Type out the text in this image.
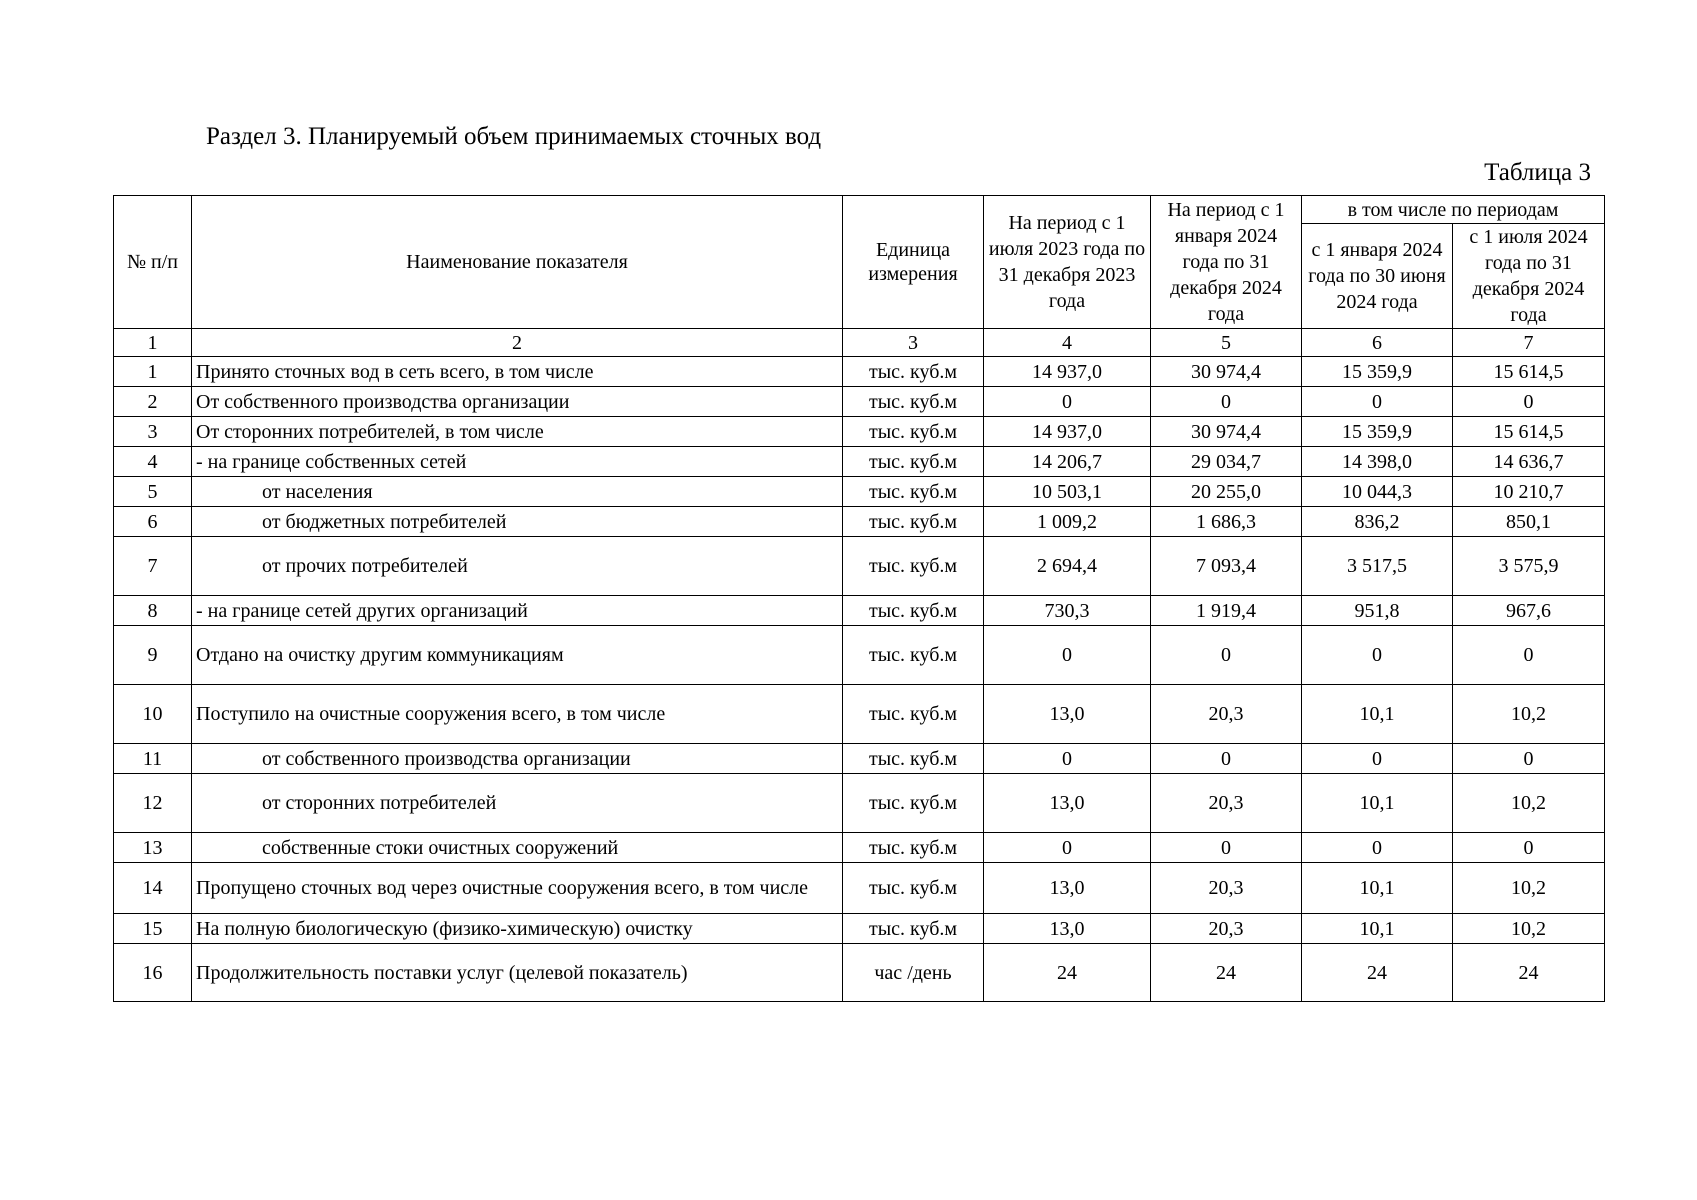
Раздел 3. Планируемый объем принимаемых сточных вод
Таблица 3
№ п/п	Наименование показателя	Единица измерения	На период с 1 июля 2023 года по 31 декабря 2023 года	На период с 1 января 2024 года по 31 декабря 2024 года	в том числе по периодам	
					с 1 января 2024 года по 30 июня 2024 года	с 1 июля 2024 года по 31 декабря 2024 года
1	2	3	4	5	6	7
1	Принято сточных вод в сеть всего, в том числе	тыс. куб.м	14 937,0	30 974,4	15 359,9	15 614,5
2	От собственного производства организации	тыс. куб.м	0	0	0	0
3	От сторонних потребителей, в том числе	тыс. куб.м	14 937,0	30 974,4	15 359,9	15 614,5
4	- на границе собственных сетей	тыс. куб.м	14 206,7	29 034,7	14 398,0	14 636,7
5	от населения	тыс. куб.м	10 503,1	20 255,0	10 044,3	10 210,7
6	от бюджетных потребителей	тыс. куб.м	1 009,2	1 686,3	836,2	850,1
7	от прочих потребителей	тыс. куб.м	2 694,4	7 093,4	3 517,5	3 575,9
8	- на границе сетей других организаций	тыс. куб.м	730,3	1 919,4	951,8	967,6
9	Отдано на очистку другим коммуникациям	тыс. куб.м	0	0	0	0
10	Поступило на очистные сооружения всего, в том числе	тыс. куб.м	13,0	20,3	10,1	10,2
11	от собственного производства организации	тыс. куб.м	0	0	0	0
12	от сторонних потребителей	тыс. куб.м	13,0	20,3	10,1	10,2
13	собственные стоки очистных сооружений	тыс. куб.м	0	0	0	0
14	Пропущено сточных вод через очистные сооружения всего, в том числе	тыс. куб.м	13,0	20,3	10,1	10,2
15	На полную биологическую (физико-химическую) очистку	тыс. куб.м	13,0	20,3	10,1	10,2
16	Продолжительность поставки услуг (целевой показатель)	час /день	24	24	24	24
